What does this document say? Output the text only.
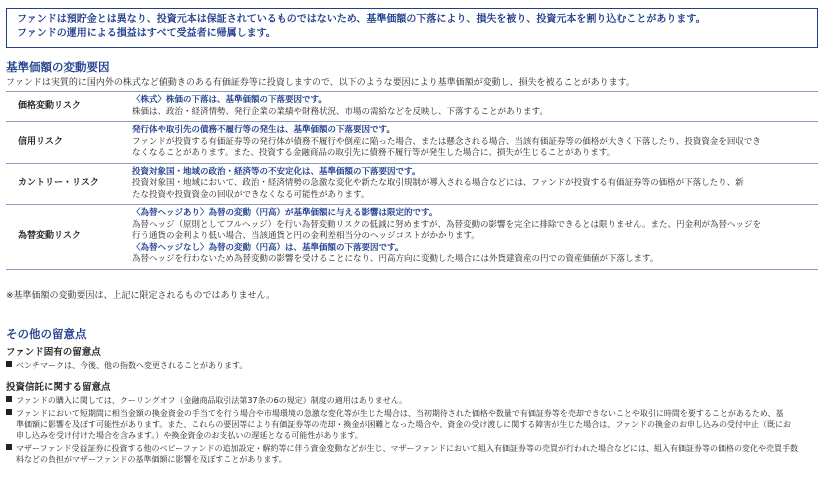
ファンドは預貯金とは異なり、投資元本は保証されているものではないため、基準価額の下落により、損失を被り、投資元本を割り込むことがあります。
ファンドの運用による損益はすべて受益者に帰属します。
基準価額の変動要因
ファンドは実質的に国内外の株式など値動きのある有価証券等に投資しますので、以下のような要因により基準価額が変動し、損失を被ることがあります。
価格変動リスク	〈株式〉株価の下落は、基準価額の下落要因です。
株価は、政治・経済情勢、発行企業の業績や財務状況、市場の需給などを反映し、下落することがあります。

信用リスク	発行体や取引先の債務不履行等の発生は、基準価額の下落要因です。
ファンドが投資する有価証券等の発行体が債務不履行や倒産に陥った場合、または懸念される場合、当該有価証券等の価格が大きく下落したり、投資資金を回収でき
なくなることがあります。また、投資する金融商品の取引先に債務不履行等が発生した場合に、損失が生じることがあります。

カントリー・リスク	投資対象国・地域の政治・経済等の不安定化は、基準価額の下落要因です。
投資対象国・地域において、政治・経済情勢の急激な変化や新たな取引規制が導入される場合などには、ファンドが投資する有価証券等の価格が下落したり、新
たな投資や投資資金の回収ができなくなる可能性があります。

為替変動リスク	〈為替ヘッジあり〉為替の変動（円高）が基準価額に与える影響は限定的です。
為替ヘッジ（原則としてフルヘッジ）を行い為替変動リスクの低減に努めますが、為替変動の影響を完全に排除できるとは限りません。また、円金利が為替ヘッジを
行う通貨の金利より低い場合、当該通貨と円の金利差相当分のヘッジコストがかかります。
〈為替ヘッジなし〉為替の変動（円高）は、基準価額の下落要因です。
為替ヘッジを行わないため為替変動の影響を受けることになり、円高方向に変動した場合には外貨建資産の円での資産価値が下落します。
※基準価額の変動要因は、上記に限定されるものではありません。
その他の留意点
ファンド固有の留意点
ベンチマークは、今後、他の指数へ変更されることがあります。
投資信託に関する留意点
ファンドの購入に関しては、クーリングオフ（金融商品取引法第37条の6の規定）制度の適用はありません。
ファンドにおいて短期間に相当金額の換金資金の手当てを行う場合や市場環境の急激な変化等が生じた場合は、当初期待された価格や数量で有価証券等を売却できないことや取引に時間を要することがあるため、基
準価額に影響を及ぼす可能性があります。また、これらの要因等により有価証券等の売却・換金が困難となった場合や、資金の受け渡しに関する障害が生じた場合は、ファンドの換金のお申し込みの受付中止（既にお
申し込みを受け付けた場合を含みます。）や換金資金のお支払いの遅延となる可能性があります。
マザーファンド受益証券に投資する他のベビーファンドの追加設定・解約等に伴う資金変動などが生じ、マザーファンドにおいて組入有価証券等の売買が行われた場合などには、組入有価証券等の価格の変化や売買手数
料などの負担がマザーファンドの基準価額に影響を及ぼすことがあります。
